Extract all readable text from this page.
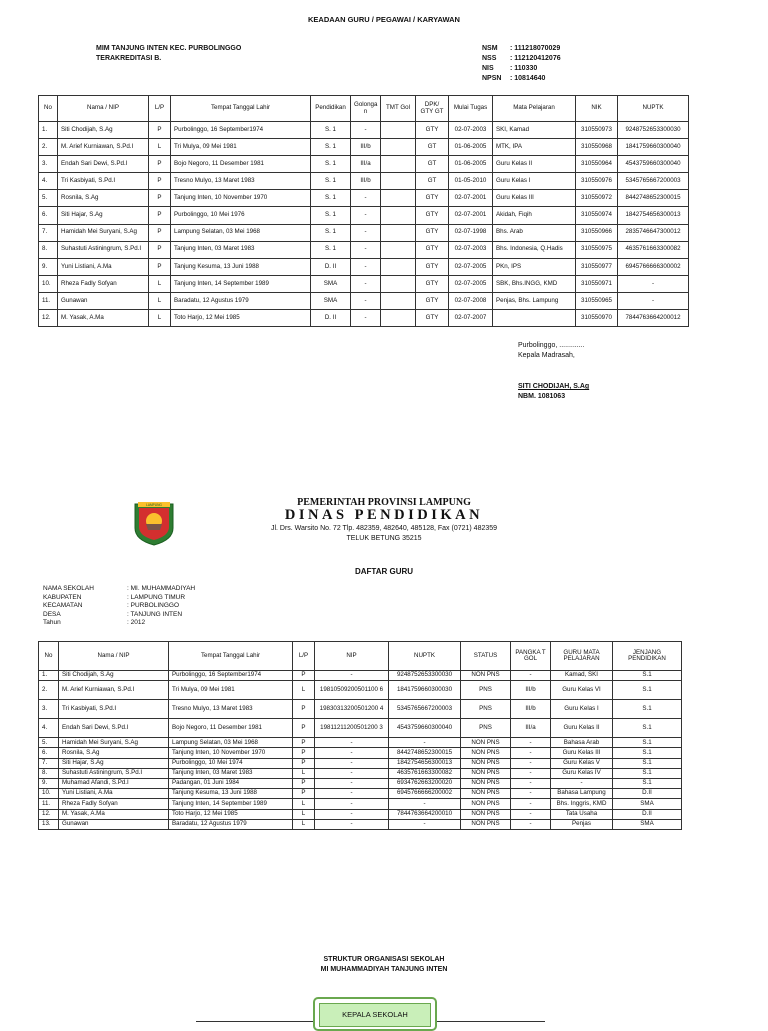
KEADAAN GURU / PEGAWAI / KARYAWAN
MIM TANJUNG INTEN KEC. PURBOLINGGO
TERAKREDITASI B.
NSM	: 111218070029
NSS	: 112120412076
NIS	: 110330
NPSN	: 10814640
No	Nama / NIP	L/P	Tempat Tanggal Lahir	Pendidikan	Golonga n	TMT Gol	DPK/ GTY GT	Mulai Tugas	Mata Pelajaran	NIK	NUPTK
1.	Siti Chodijah, S.Ag	P	Purbolinggo, 16 September1974	S. 1	-		GTY	02-07-2003	SKI, Kamad	310550973	9248752653300030
2.	M. Arief Kurniawan, S.Pd.I	L	Tri Mulya, 09 Mei 1981	S. 1	III/b		GT	01-06-2005	MTK, IPA	310550968	1841759660300040
3.	Endah Sari Dewi, S.Pd.I	P	Bojo Negoro, 11 Desember 1981	S. 1	III/a		GT	01-06-2005	Guru Kelas II	310550964	4543759660300040
4.	Tri Kasbiyati, S.Pd.I	P	Tresno Mulyo, 13 Maret 1983	S. 1	III/b		GT	01-05-2010	Guru Kelas I	310550976	5345765667200003
5.	Rosnila, S.Ag	P	Tanjung Inten, 10 November 1970	S. 1	-		GTY	02-07-2001	Guru Kelas III	310550972	8442748652300015
6.	Siti Hajar, S.Ag	P	Purbolinggo, 10 Mei 1976	S. 1	-		GTY	02-07-2001	Akidah, Fiqih	310550974	1842754656300013
7.	Hamidah Mei Suryani, S.Ag	P	Lampung Selatan, 03 Mei 1968	S. 1	-		GTY	02-07-1998	Bhs. Arab	310550966	2835746647300012
8.	Suhastuti Astiningrum, S.Pd.I	P	Tanjung Inten, 03 Maret 1983	S. 1	-		GTY	02-07-2003	Bhs. Indonesia, Q.Hadis	310550975	4635761663300082
9.	Yuni Listiani, A.Ma	P	Tanjung Kesuma, 13 Juni 1988	D. II	-		GTY	02-07-2005	PKn, IPS	310550977	6945766666300002
10.	Rheza Fadly Sofyan	L	Tanjung Inten, 14 September 1989	SMA	-		GTY	02-07-2005	SBK, Bhs.INGG, KMD	310550971	-
11.	Gunawan	L	Baradatu, 12 Agustus 1979	SMA	-		GTY	02-07-2008	Penjas, Bhs. Lampung	310550965	-
12.	M. Yasak, A.Ma	L	Toto Harjo, 12 Mei 1985	D. II	-		GTY	02-07-2007		310550970	7844763664200012
Purbolinggo, .............
Kepala Madrasah,
SITI CHODIJAH, S.Ag
NBM. 1081063
LAMPUNG	PEMERINTAH PROVINSI LAMPUNG
DINAS PENDIDIKAN
Jl. Drs. Warsito No. 72 Tlp. 482359, 482640, 485128, Fax (0721) 482359
TELUK BETUNG 35215
DAFTAR GURU
NAMA SEKOLAH	: MI. MUHAMMADIYAH
KABUPATEN	: LAMPUNG TIMUR
KECAMATAN	: PURBOLINGGO
DESA	: TANJUNG INTEN
Tahun	: 2012
No	Nama / NIP	Tempat Tanggal Lahir	L/P	NIP	NUPTK	STATUS	PANGKA T GOL	GURU MATA PELAJARAN	JENJANG PENDIDIKAN
1.	Siti Chodijah, S.Ag	Purbolinggo, 16 September1974	P	-	9248752653300030	NON PNS	-	Kamad, SKI	S.1
2.	M. Arief Kurniawan, S.Pd.I	Tri Mulya, 09 Mei 1981	L	19810509200501100 6	1841759660300030	PNS	III/b	Guru Kelas VI	S.1
3.	Tri Kasbiyati, S.Pd.I	Tresno Mulyo, 13 Maret 1983	P	19830313200501200 4	5345765667200003	PNS	III/b	Guru Kelas I	S.1
4.	Endah Sari Dewi, S.Pd.I	Bojo Negoro, 11 Desember 1981	P	19811211200501200 3	4543759660300040	PNS	III/a	Guru Kelas II	S.1
5.	Hamidah Mei Suryani, S.Ag	Lampung Selatan, 03 Mei 1968	P	-	-	NON PNS	-	Bahasa Arab	S.1
6.	Rosnila, S.Ag	Tanjung Inten, 10 November 1970	P	-	8442748652300015	NON PNS	-	Guru Kelas III	S.1
7.	Siti Hajar, S.Ag	Purbolinggo, 10 Mei 1974	P	-	1842754656300013	NON PNS	-	Guru Kelas V	S.1
8.	Suhastuti Astiningrum, S.Pd.I	Tanjung Inten, 03 Maret 1983	L	-	4635761663300082	NON PNS	-	Guru Kelas IV	S.1
9.	Muhamad Afandi, S.Pd.I	Padangan, 01 Juni 1984	P	-	6934762663200020	NON PNS	-	-	S.1
10.	Yuni Listiani, A.Ma	Tanjung Kesuma, 13 Juni 1988	P	-	6945766666200002	NON PNS	-	Bahasa Lampung	D.II
11.	Rheza Fadly Sofyan	Tanjung Inten, 14 September 1989	L	-	-	NON PNS	-	Bhs. Inggris, KMD	SMA
12.	M. Yasak, A.Ma	Toto Harjo, 12 Mei 1985	L	-	7844763664200010	NON PNS	-	Tata Usaha	D.II
13.	Gunawan	Baradatu, 12 Agustus 1979	L	-	-	NON PNS	-	Penjas	SMA
STRUKTUR ORGANISASI SEKOLAH
MI MUHAMMADIYAH TANJUNG INTEN
KEPALA SEKOLAH
